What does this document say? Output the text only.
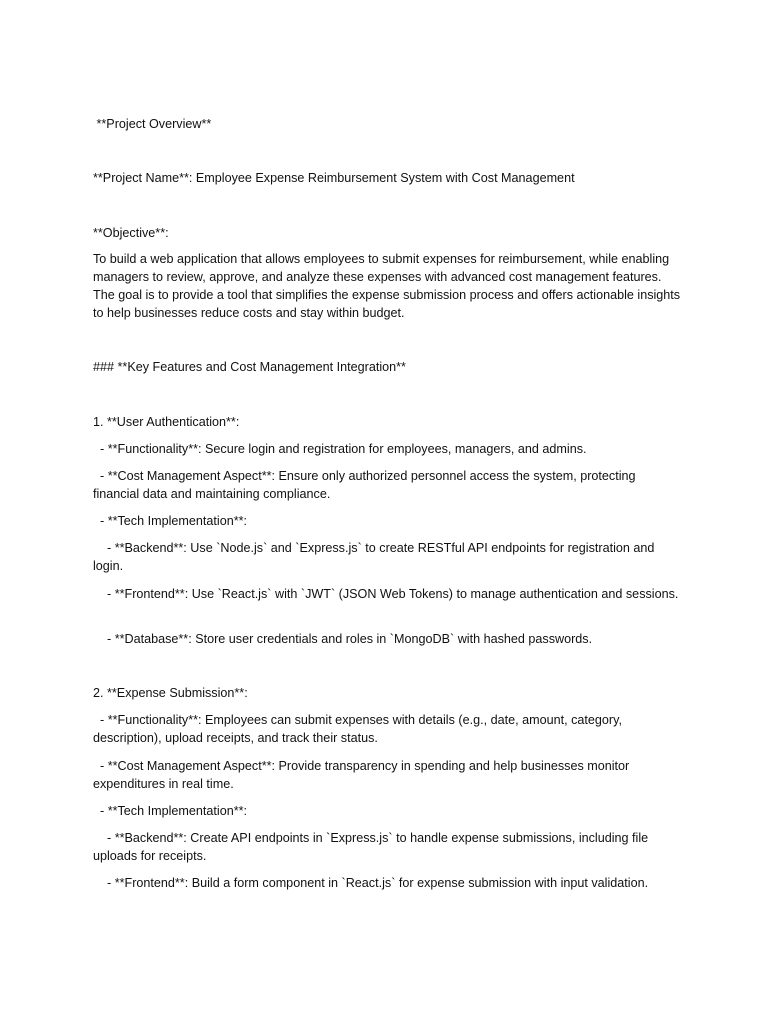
**Project Overview**

**Project Name**: Employee Expense Reimbursement System with Cost Management

**Objective**:

To build a web application that allows employees to submit expenses for reimbursement, while enabling managers to review, approve, and analyze these expenses with advanced cost management features. The goal is to provide a tool that simplifies the expense submission process and offers actionable insights to help businesses reduce costs and stay within budget.

### **Key Features and Cost Management Integration**

1. **User Authentication**:

- **Functionality**: Secure login and registration for employees, managers, and admins.

- **Cost Management Aspect**: Ensure only authorized personnel access the system, protecting financial data and maintaining compliance.

- **Tech Implementation**:

- **Backend**: Use `Node.js` and `Express.js` to create RESTful API endpoints for registration and login.

- **Frontend**: Use `React.js` with `JWT` (JSON Web Tokens) to manage authentication and sessions.

- **Database**: Store user credentials and roles in `MongoDB` with hashed passwords.

2. **Expense Submission**:

- **Functionality**: Employees can submit expenses with details (e.g., date, amount, category, description), upload receipts, and track their status.

- **Cost Management Aspect**: Provide transparency in spending and help businesses monitor expenditures in real time.

- **Tech Implementation**:

- **Backend**: Create API endpoints in `Express.js` to handle expense submissions, including file uploads for receipts.

- **Frontend**: Build a form component in `React.js` for expense submission with input validation.
